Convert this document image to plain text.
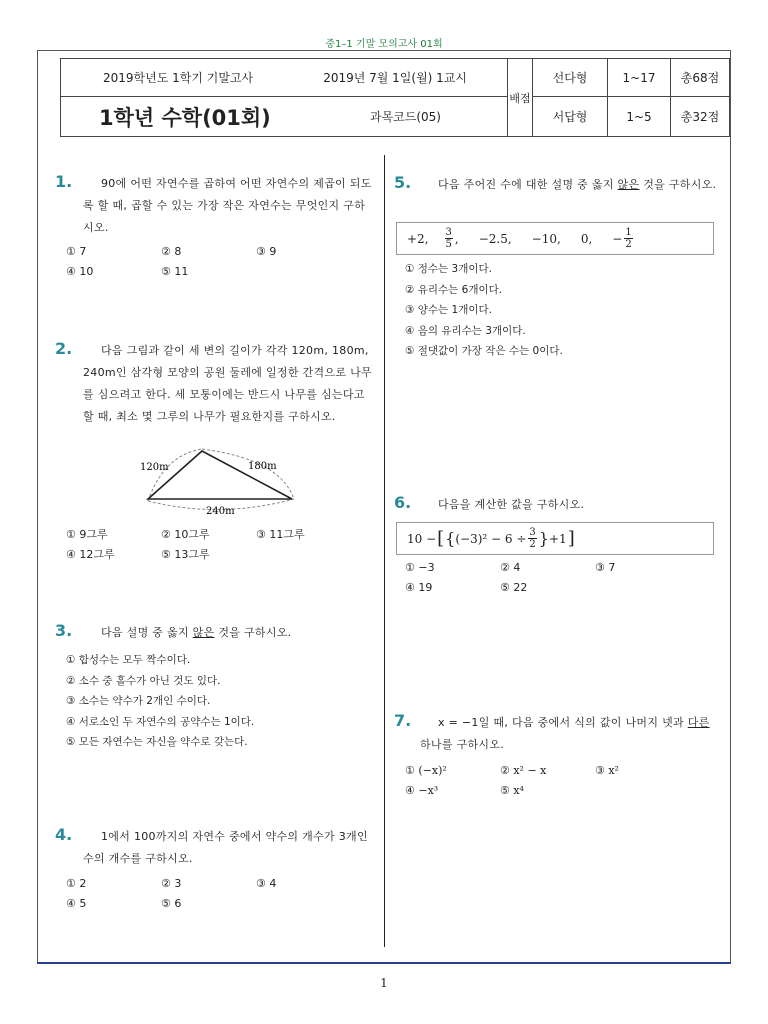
중1–1 기말 모의고사 01회
2019학년도 1학기 기말고사 2019년 7월 1일(월) 1교시	배점	선다형	1~17	총68점

1학년 수학(01회) 과목코드(05)		서답형	1~5	총32점
1.	90에 어떤 자연수를 곱하여 어떤 자연수의 제곱이 되도록 할 때, 곱할 수 있는 가장 작은 자연수는 무엇인지 구하시오.
① 7	② 8	③ 9
④ 10	⑤ 11
2.	다음 그림과 같이 세 변의 길이가 각각 120m, 180m, 240m인 삼각형 모양의 공원 둘레에 일정한 간격으로 나무를 심으려고 한다. 세 모퉁이에는 반드시 나무를 심는다고 할 때, 최소 몇 그루의 나무가 필요한지를 구하시오.
120m	180m
240m
① 9그루	② 10그루	③ 11그루
④ 12그루	⑤ 13그루
3.	다음 설명 중 옳지 않은 것을 구하시오.
① 합성수는 모두 짝수이다.
② 소수 중 홀수가 아닌 것도 있다.
③ 소수는 약수가 2개인 수이다.
④ 서로소인 두 자연수의 공약수는 1이다.
⑤ 모든 자연수는 자신을 약수로 갖는다.
4.	1에서 100까지의 자연수 중에서 약수의 개수가 3개인 수의 개수를 구하시오.
① 2	② 3	③ 4
④ 5	⑤ 6
5.	다음 주어진 수에 대한 설명 중 옳지 않은 것을 구하시오.
+2, $\frac{3}{5}$ , −2.5, −10, 0, − $\frac{1}{2}$
① 정수는 3개이다.
② 유리수는 6개이다.
③ 양수는 1개이다.
④ 음의 유리수는 3개이다.
⑤ 절댓값이 가장 작은 수는 0이다.
6. 다음을 계산한 값을 구하시오.
10 − [ { $(-3)^2 - 6 \div \frac{3}{2}$ } +1 ]
① −3	② 4	③ 7
④ 19	⑤ 22
7.	x = −1일 때, 다음 중에서 식의 값이 나머지 넷과 다른 하나를 구하시오.
① (−x)²	② x² − x	③ x²
④ −x³	⑤ x⁴
1
